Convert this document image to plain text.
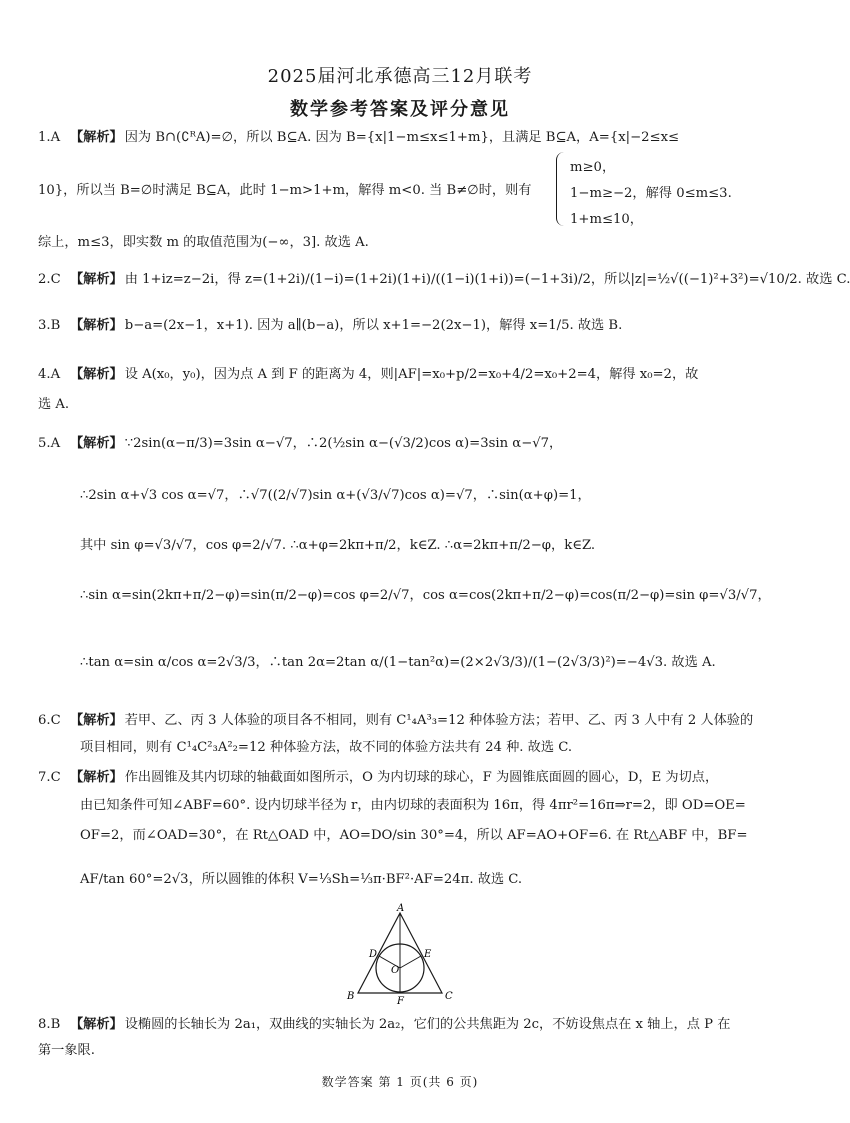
2025届河北承德高三12月联考
数学参考答案及评分意见
1.A 【解析】 因为 B∩(∁ᴿA)=∅，所以 B⊆A. 因为 B={x|1−m≤x≤1+m}，且满足 B⊆A，A={x|−2≤x≤
10}，所以当 B=∅时满足 B⊆A，此时 1−m>1+m，解得 m<0. 当 B≠∅时，则有
m≥0，
1−m≥−2，解得 0≤m≤3.
1+m≤10，
综上，m≤3，即实数 m 的取值范围为(−∞，3]. 故选 A.
2.C 【解析】 由 1+iz=z−2i，得 z=(1+2i)/(1−i)=(1+2i)(1+i)/((1−i)(1+i))=(−1+3i)/2，所以|z|=½√((−1)²+3²)=√10/2. 故选 C.
3.B 【解析】 b−a=(2x−1，x+1). 因为 a∥(b−a)，所以 x+1=−2(2x−1)，解得 x=1/5. 故选 B.
4.A 【解析】 设 A(x₀，y₀)，因为点 A 到 F 的距离为 4，则|AF|=x₀+p/2=x₀+4/2=x₀+2=4，解得 x₀=2，故
选 A.
5.A 【解析】 ∵2sin(α−π/3)=3sin α−√7，∴2(½sin α−(√3/2)cos α)=3sin α−√7，
∴2sin α+√3 cos α=√7，∴√7((2/√7)sin α+(√3/√7)cos α)=√7，∴sin(α+φ)=1，
其中 sin φ=√3/√7，cos φ=2/√7. ∴α+φ=2kπ+π/2，k∈Z. ∴α=2kπ+π/2−φ，k∈Z.
∴sin α=sin(2kπ+π/2−φ)=sin(π/2−φ)=cos φ=2/√7，cos α=cos(2kπ+π/2−φ)=cos(π/2−φ)=sin φ=√3/√7，
∴tan α=sin α/cos α=2√3/3，∴tan 2α=2tan α/(1−tan²α)=(2×2√3/3)/(1−(2√3/3)²)=−4√3. 故选 A.
6.C 【解析】 若甲、乙、丙 3 人体验的项目各不相同，则有 C¹₄A³₃=12 种体验方法；若甲、乙、丙 3 人中有 2 人体验的
项目相同，则有 C¹₄C²₃A²₂=12 种体验方法，故不同的体验方法共有 24 种. 故选 C.
7.C 【解析】 作出圆锥及其内切球的轴截面如图所示，O 为内切球的球心，F 为圆锥底面圆的圆心，D，E 为切点，
由已知条件可知∠ABF=60°. 设内切球半径为 r，由内切球的表面积为 16π，得 4πr²=16π⇒r=2，即 OD=OE=
OF=2，而∠OAD=30°，在 Rt△OAD 中，AO=DO/sin 30°=4，所以 AF=AO+OF=6. 在 Rt△ABF 中，BF=
AF/tan 60°=2√3，所以圆锥的体积 V=⅓Sh=⅓π·BF²·AF=24π. 故选 C.
A
B	C
D	E
F
O
8.B 【解析】 设椭圆的长轴长为 2a₁，双曲线的实轴长为 2a₂，它们的公共焦距为 2c，不妨设焦点在 x 轴上，点 P 在
第一象限.
数学答案 第 1 页(共 6 页)
